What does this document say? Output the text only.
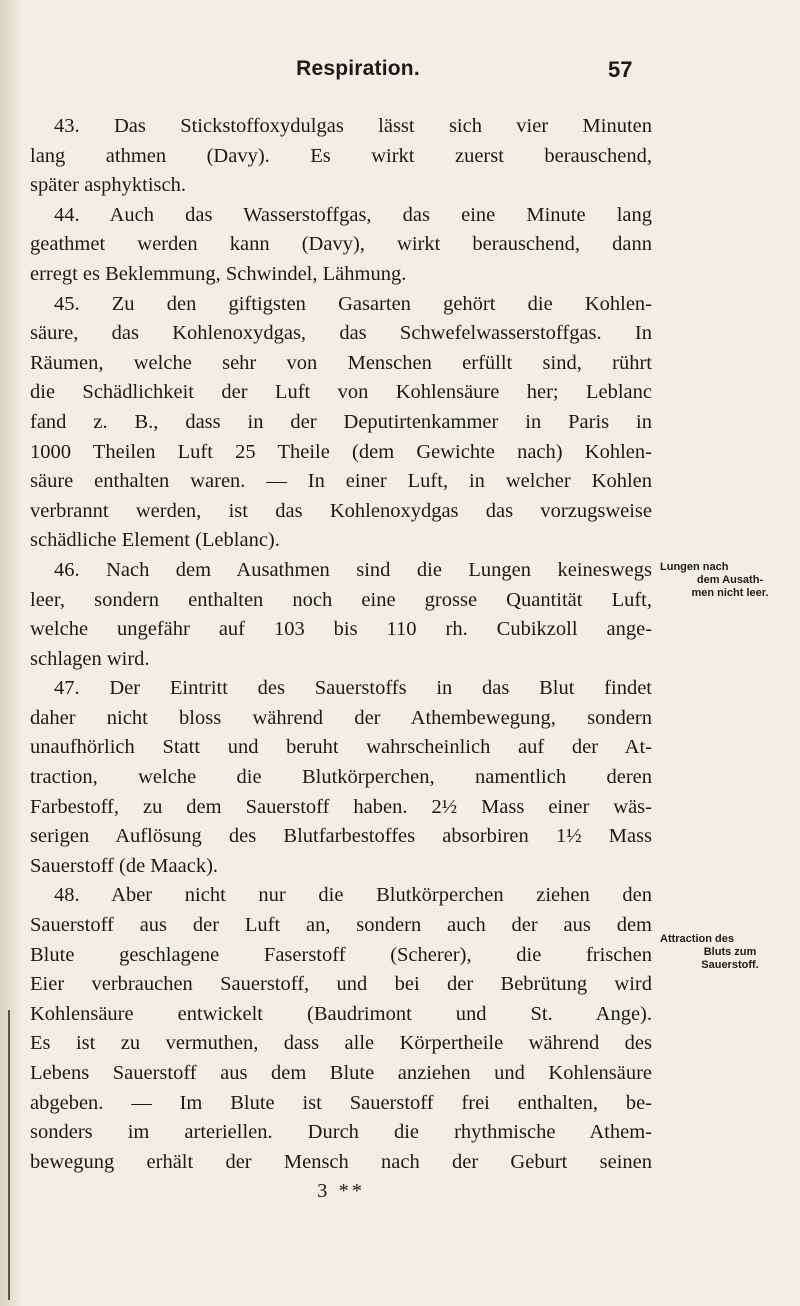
Respiration.	57
43. Das Stickstoffoxydulgas lässt sich vier Minuten
lang athmen (Davy). Es wirkt zuerst berauschend,
später asphyktisch.
44. Auch das Wasserstoffgas, das eine Minute lang
geathmet werden kann (Davy), wirkt berauschend, dann
erregt es Beklemmung, Schwindel, Lähmung.
45. Zu den giftigsten Gasarten gehört die Kohlen-
säure, das Kohlenoxydgas, das Schwefelwasserstoffgas. In
Räumen, welche sehr von Menschen erfüllt sind, rührt
die Schädlichkeit der Luft von Kohlensäure her; Leblanc
fand z. B., dass in der Deputirtenkammer in Paris in
1000 Theilen Luft 25 Theile (dem Gewichte nach) Kohlen-
säure enthalten waren. — In einer Luft, in welcher Kohlen
verbrannt werden, ist das Kohlenoxydgas das vorzugsweise
schädliche Element (Leblanc).
46. Nach dem Ausathmen sind die Lungen keineswegs
leer, sondern enthalten noch eine grosse Quantität Luft,
welche ungefähr auf 103 bis 110 rh. Cubikzoll ange-
schlagen wird.
47. Der Eintritt des Sauerstoffs in das Blut findet
daher nicht bloss während der Athembewegung, sondern
unaufhörlich Statt und beruht wahrscheinlich auf der At-
traction, welche die Blutkörperchen, namentlich deren
Farbestoff, zu dem Sauerstoff haben. 2½ Mass einer wäs-
serigen Auflösung des Blutfarbestoffes absorbiren 1½ Mass
Sauerstoff (de Maack).
48. Aber nicht nur die Blutkörperchen ziehen den
Sauerstoff aus der Luft an, sondern auch der aus dem
Blute geschlagene Faserstoff (Scherer), die frischen
Eier verbrauchen Sauerstoff, und bei der Bebrütung wird
Kohlensäure entwickelt (Baudrimont und St. Ange).
Es ist zu vermuthen, dass alle Körpertheile während des
Lebens Sauerstoff aus dem Blute anziehen und Kohlensäure
abgeben. — Im Blute ist Sauerstoff frei enthalten, be-
sonders im arteriellen. Durch die rhythmische Athem-
bewegung erhält der Mensch nach der Geburt seinen
3 **
Lungen nach
dem Ausath-
men nicht leer.
Attraction des
Bluts zum
Sauerstoff.
